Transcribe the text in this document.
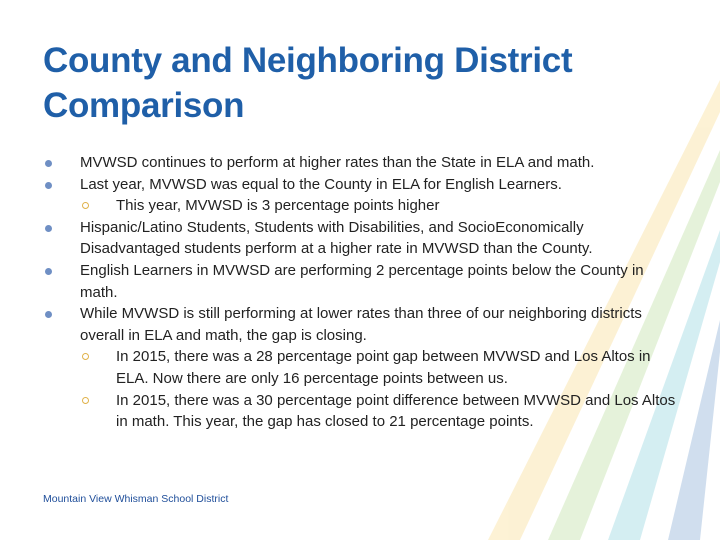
County and Neighboring District Comparison
MVWSD continues to perform at higher rates than the State in ELA and math.
Last year, MVWSD was equal to the County in ELA for English Learners.
This year, MVWSD is 3 percentage points higher
Hispanic/Latino Students, Students with Disabilities, and SocioEconomically Disadvantaged students perform at a higher rate in MVWSD than the County.
English Learners in MVWSD are performing 2 percentage points below the County in math.
While MVWSD is still performing at lower rates than three of our neighboring districts overall in ELA and math, the gap is closing.
In 2015, there was a 28 percentage point gap between MVWSD and Los Altos in ELA. Now there are only 16 percentage points between us.
In 2015, there was a 30 percentage point difference between MVWSD and Los Altos in math. This year, the gap has closed to 21 percentage points.
Mountain View Whisman School District
